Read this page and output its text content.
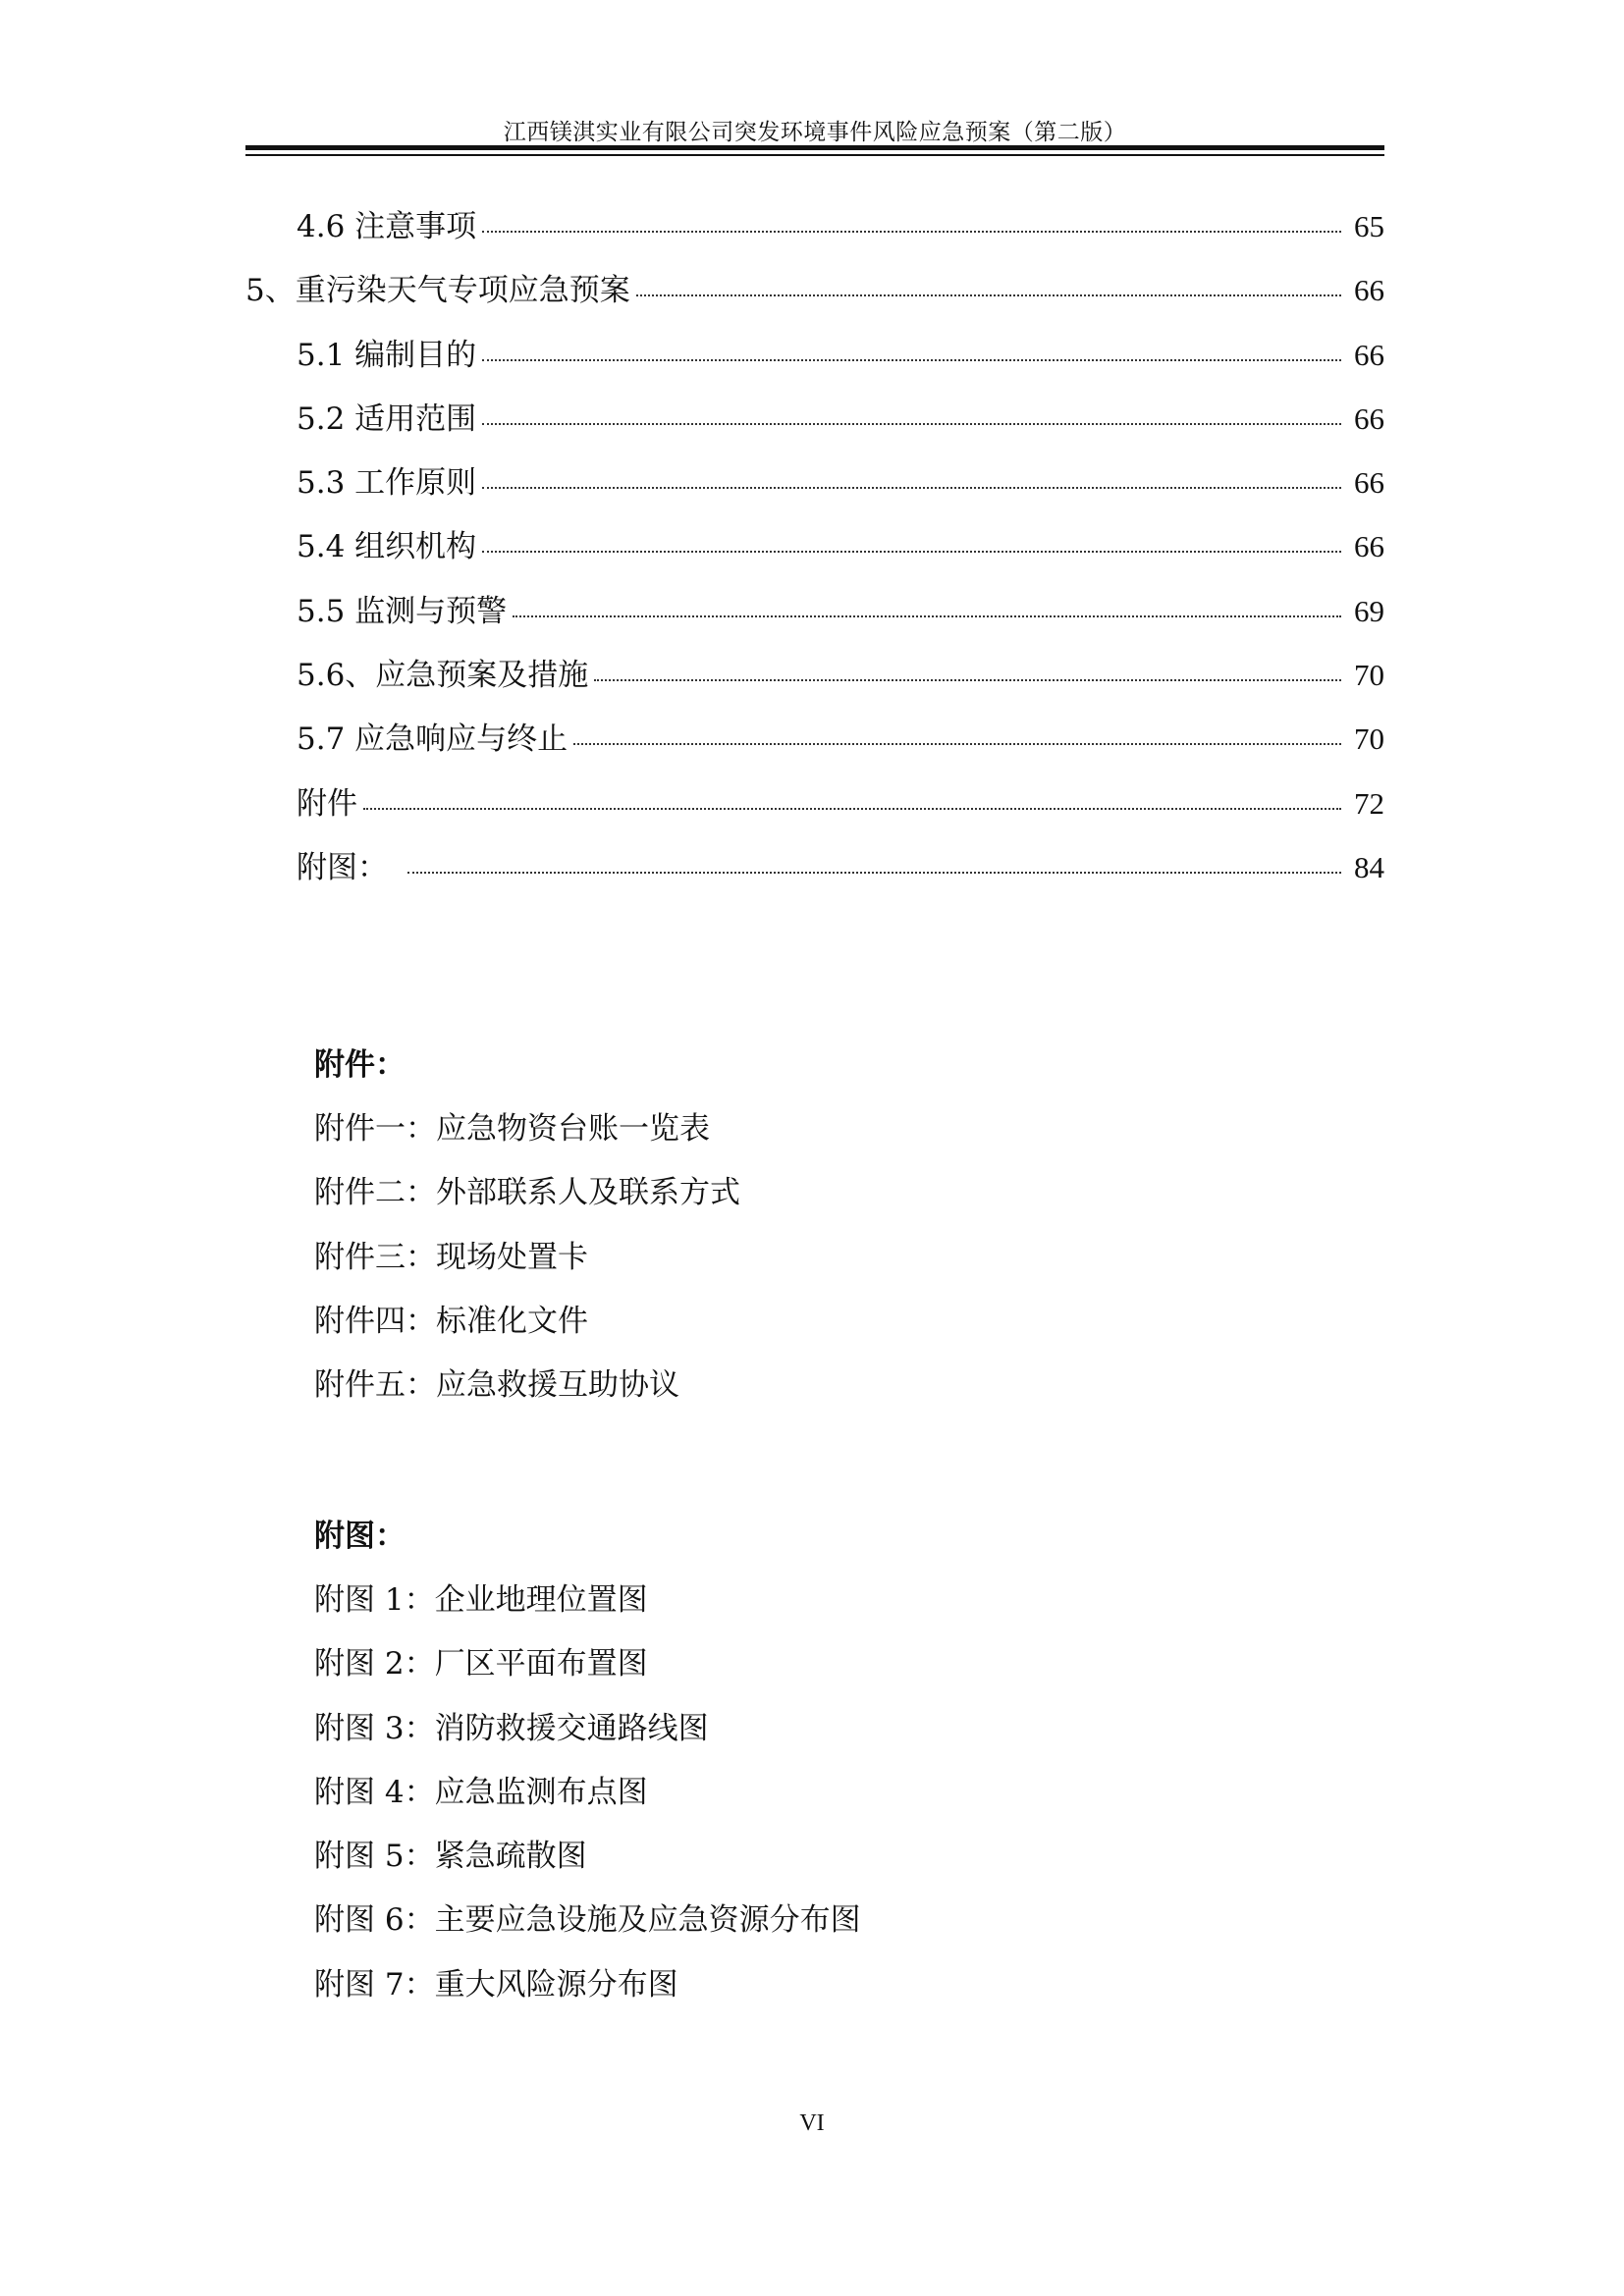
江西镁淇实业有限公司突发环境事件风险应急预案（第二版）
4.6 注意事项	65
5、重污染天气专项应急预案	66
5.1 编制目的	66
5.2 适用范围	66
5.3 工作原则	66
5.4 组织机构	66
5.5 监测与预警	69
5.6、应急预案及措施	70
5.7 应急响应与终止	70
附件	72
附图：	84
附件：
附件一：应急物资台账一览表
附件二：外部联系人及联系方式
附件三：现场处置卡
附件四：标准化文件
附件五：应急救援互助协议
附图：
附图 1：企业地理位置图
附图 2：厂区平面布置图
附图 3：消防救援交通路线图
附图 4：应急监测布点图
附图 5：紧急疏散图
附图 6：主要应急设施及应急资源分布图
附图 7：重大风险源分布图
VI
